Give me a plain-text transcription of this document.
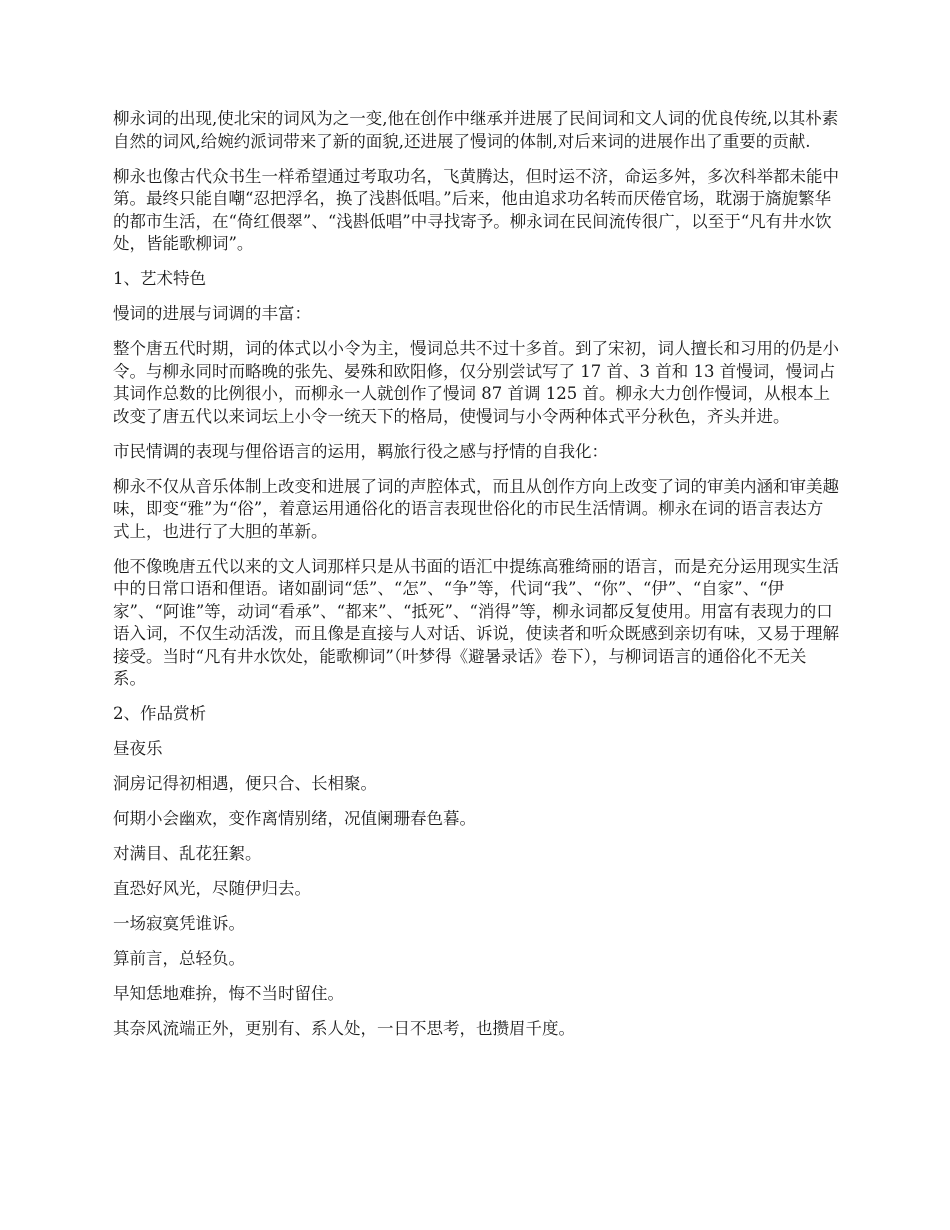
柳永词的出现,使北宋的词风为之一变,他在创作中继承并进展了民间词和文人词的优良传统,以其朴素自然的词风,给婉约派词带来了新的面貌,还进展了慢词的体制,对后来词的进展作出了重要的贡献.

柳永也像古代众书生一样希望通过考取功名，飞黄腾达，但时运不济，命运多舛，多次科举都未能中第。最终只能自嘲“忍把浮名，换了浅斟低唱。”后来，他由追求功名转而厌倦官场，耽溺于旖旎繁华的都市生活，在“倚红偎翠”、“浅斟低唱”中寻找寄予。柳永词在民间流传很广，以至于“凡有井水饮处，皆能歌柳词”。

1、艺术特色

慢词的进展与词调的丰富：

整个唐五代时期，词的体式以小令为主，慢词总共不过十多首。到了宋初，词人擅长和习用的仍是小令。与柳永同时而略晚的张先、晏殊和欧阳修，仅分别尝试写了 17 首、3 首和 13 首慢词，慢词占其词作总数的比例很小，而柳永一人就创作了慢词 87 首调 125 首。柳永大力创作慢词，从根本上改变了唐五代以来词坛上小令一统天下的格局，使慢词与小令两种体式平分秋色，齐头并进。

市民情调的表现与俚俗语言的运用，羁旅行役之感与抒情的自我化：

柳永不仅从音乐体制上改变和进展了词的声腔体式，而且从创作方向上改变了词的审美内涵和审美趣味，即变“雅”为“俗”，着意运用通俗化的语言表现世俗化的市民生活情调。柳永在词的语言表达方式上，也进行了大胆的革新。

他不像晚唐五代以来的文人词那样只是从书面的语汇中提练高雅绮丽的语言，而是充分运用现实生活中的日常口语和俚语。诸如副词“恁”、“怎”、“争”等，代词“我”、“你”、“伊”、“自家”、“伊家”、“阿谁”等，动词“看承”、“都来”、“抵死”、“消得”等，柳永词都反复使用。用富有表现力的口语入词，不仅生动活泼，而且像是直接与人对话、诉说，使读者和听众既感到亲切有味，又易于理解接受。当时“凡有井水饮处，能歌柳词”（叶梦得《避暑录话》卷下），与柳词语言的通俗化不无关系。

2、作品赏析

昼夜乐

洞房记得初相遇，便只合、长相聚。

何期小会幽欢，变作离情别绪，况值阑珊春色暮。

对满目、乱花狂絮。

直恐好风光，尽随伊归去。

一场寂寞凭谁诉。

算前言，总轻负。

早知恁地难拚，悔不当时留住。

其奈风流端正外，更别有、系人处，一日不思考，也攒眉千度。
